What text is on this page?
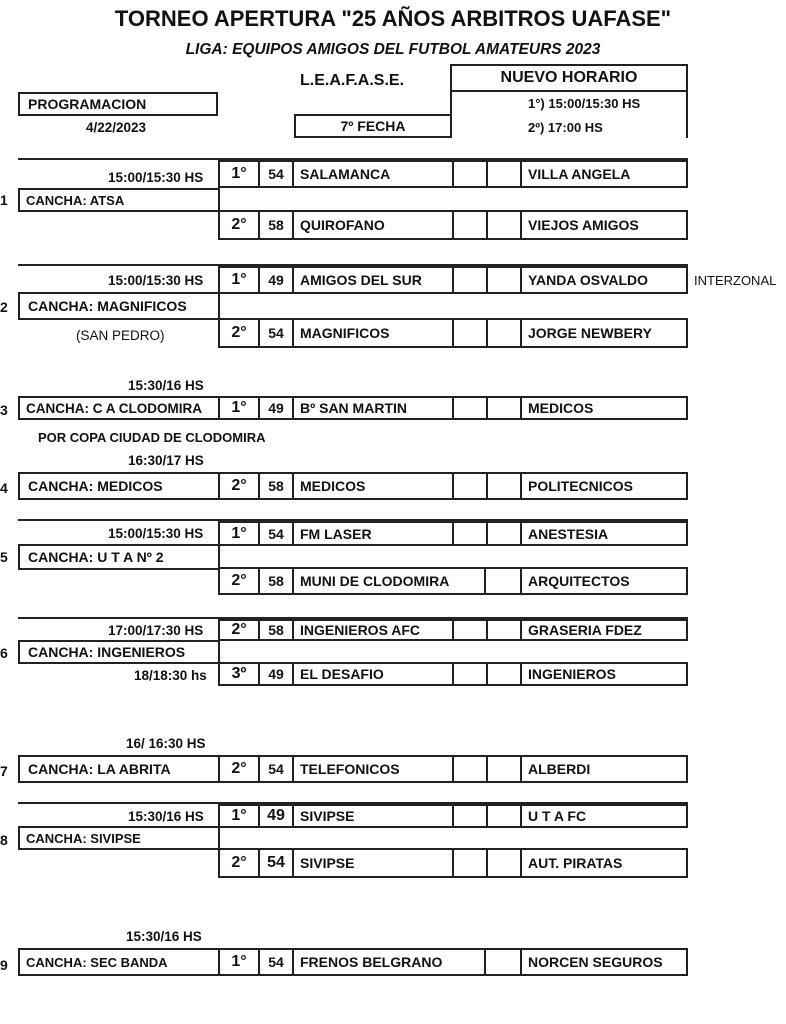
TORNEO APERTURA "25 AÑOS ARBITROS UAFASE"
LIGA: EQUIPOS AMIGOS DEL FUTBOL AMATEURS 2023
L.E.A.F.A.S.E.	NUEVO HORARIO
1°) 15:00/15:30 HS
2º) 17:00 HS
PROGRAMACION
4/22/2023	7º FECHA
15:00/15:30 HS
1 CANCHA: ATSA
1°	54	SALAMANCA	VILLA ANGELA
2°	58	QUIROFANO	VIEJOS AMIGOS
15:00/15:30 HS
2 CANCHA: MAGNIFICOS
(SAN PEDRO)
INTERZONAL
1°	49	AMIGOS DEL SUR	YANDA OSVALDO
2°	54	MAGNIFICOS	JORGE NEWBERY
15:30/16 HS
3 CANCHA: C A CLODOMIRA	1°	49	Bº SAN MARTIN	MEDICOS
POR COPA CIUDAD DE CLODOMIRA
16:30/17 HS
4 CANCHA: MEDICOS	2°	58	MEDICOS	POLITECNICOS
15:00/15:30 HS
5 CANCHA: U T A Nº 2
1°	54	FM LASER	ANESTESIA
2°	58	MUNI DE CLODOMIRA	ARQUITECTOS
17:00/17:30 HS
6 CANCHA: INGENIEROS
18/18:30 hs
2°	58	INGENIEROS AFC	GRASERIA FDEZ
3º	49	EL DESAFIO	INGENIEROS
16/ 16:30 HS
7 CANCHA: LA ABRITA	2°	54	TELEFONICOS	ALBERDI
15:30/16 HS
8 CANCHA: SIVIPSE
1°	49	SIVIPSE	U T A FC
2°	54	SIVIPSE	AUT. PIRATAS
15:30/16 HS
9 CANCHA: SEC BANDA	1°	54	FRENOS BELGRANO	NORCEN SEGUROS
